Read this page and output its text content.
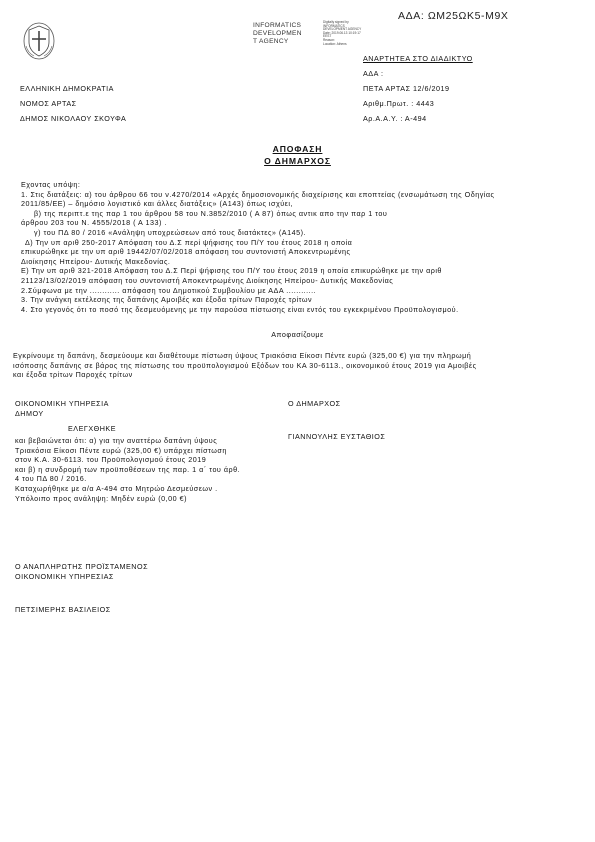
ΑΔΑ: ΩΜ25ΩΚ5-Μ9Χ
INFORMATICS
DEVELOPMEN
T AGENCY
Digitally signed by
INFORMATICS
DEVELOPMENT AGENCY
Date: 2019.06.13 10:19:17
EEST
Reason:
Location: Athens
ΕΛΛΗΝΙΚΗ ΔΗΜΟΚΡΑΤΙΑ
ΝΟΜΟΣ ΑΡΤΑΣ
ΔΗΜΟΣ ΝΙΚΟΛΑΟΥ ΣΚΟΥΦΑ
ΑΝΑΡΤΗΤΕΑ ΣΤΟ ΔΙΑΔΙΚΤΥΟ
ΑΔΑ :
ΠΕΤΑ ΑΡΤΑΣ 12/6/2019
Αριθμ.Πρωτ. : 4443
Αρ.Α.Α.Υ. : Α-494
ΑΠΟΦΑΣΗ
Ο ΔΗΜΑΡΧΟΣ
Εχοντας υπόψη:
1. Στις διατάξεις: α) του άρθρου 66 του ν.4270/2014 «Αρχές δημοσιονομικής διαχείρισης και εποπτείας (ενσωμάτωση της Οδηγίας
2011/85/ΕΕ) – δημόσιο λογιστικό και άλλες διατάξεις» (Α143) όπως ισχύει,
β) της περιπτ.ε της παρ 1 του άρθρου 58 του Ν.3852/2010 ( Α 87) όπως αντικ απο την παρ 1 του
άρθρου 203 του Ν. 4555/2018 ( Α 133) .
γ) του ΠΔ 80 / 2016 «Ανάληψη υποχρεώσεων από τους διατάκτες» (Α145).
Δ) Την υπ αριθ 250-2017 Απόφαση του Δ.Σ περί ψήφισης του Π/Υ του έτους 2018 η οποία
επικυρώθηκε με την υπ αριθ 19442/07/02/2018 απόφαση του συντονιστή Αποκεντρωμένης
Διοίκησης Ηπείρου- Δυτικής Μακεδονίας.
Ε) Την υπ αριθ 321-2018 Απόφαση του Δ.Σ Περί ψήφισης του Π/Υ του έτους 2019 η οποία επικυρώθηκε με την αριθ
21123/13/02/2019 απόφαση του συντονιστή Αποκεντρωμένης Διοίκησης Ηπείρου- Δυτικής Μακεδονίας
2.Σύμφωνα με την ............ απόφαση του Δημοτικού Συμβουλίου με ΑΔΑ ............
3. Την ανάγκη εκτέλεσης της δαπάνης Αμοιβές και έξοδα τρίτων Παροχές τρίτων
4. Στο γεγονός ότι το ποσό της δεσμευόμενης με την παρούσα πίστωσης είναι εντός του εγκεκριμένου Προϋπολογισμού.
Αποφασίζουμε
Εγκρίνουμε τη δαπάνη, δεσμεύουμε και διαθέτουμε πίστωση ύψους Τριακόσια Είκοσι Πέντε ευρώ (325,00 €) για την πληρωμή
ισόποσης δαπάνης σε βάρος της πίστωσης του προϋπολογισμού Εξόδων του ΚΑ 30-6113., οικονομικού έτους 2019 για Αμοιβές
και έξοδα τρίτων Παροχές τρίτων
ΟΙΚΟΝΟΜΙΚΗ ΥΠΗΡΕΣΙΑ
ΔΗΜΟΥ
ΕΛΕΓΧΘΗΚΕ
και βεβαιώνεται ότι: α) για την αναττέρω δαπάνη ύψους
Τριακόσια Είκοσι Πέντε ευρώ (325,00 €) υπάρχει πίστωση
στον Κ.Α. 30-6113. του Προϋπολογισμού έτους 2019
και β) η συνδρομή των προϋποθέσεων της παρ. 1 α΄ του άρθ.
4 του ΠΔ 80 / 2016.
Καταχωρήθηκε με α/α Α-494 στο Μητρώο Δεσμεύσεων .
Υπόλοιπο προς ανάληψη: Μηδέν ευρώ (0,00 €)
Ο ΔΗΜΑΡΧΟΣ
ΓΙΑΝΝΟΥΛΗΣ ΕΥΣΤΑΘΙΟΣ
Ο ΑΝΑΠΛΗΡΩΤΗΣ ΠΡΟΪΣΤΑΜΕΝΟΣ
ΟΙΚΟΝΟΜΙΚΗ ΥΠΗΡΕΣΙΑΣ
ΠΕΤΣΙΜΕΡΗΣ ΒΑΣΙΛΕΙΟΣ
